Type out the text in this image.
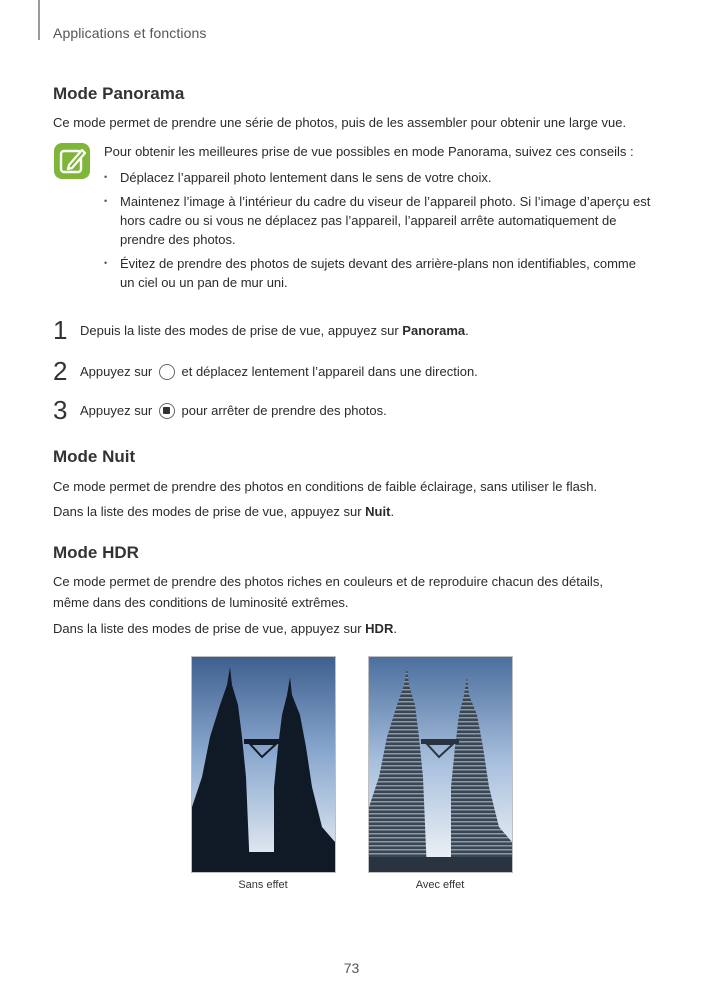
Applications et fonctions
Mode Panorama
Ce mode permet de prendre une série de photos, puis de les assembler pour obtenir une large vue.
Pour obtenir les meilleures prise de vue possibles en mode Panorama, suivez ces conseils :
• Déplacez l’appareil photo lentement dans le sens de votre choix.
• Maintenez l’image à l’intérieur du cadre du viseur de l’appareil photo. Si l’image d’aperçu est hors cadre ou si vous ne déplacez pas l’appareil, l’appareil arrête automatiquement de prendre des photos.
• Évitez de prendre des photos de sujets devant des arrière-plans non identifiables, comme un ciel ou un pan de mur uni.
1 Depuis la liste des modes de prise de vue, appuyez sur Panorama.
2 Appuyez sur  et déplacez lentement l’appareil dans une direction.
3 Appuyez sur  pour arrêter de prendre des photos.
Mode Nuit
Ce mode permet de prendre des photos en conditions de faible éclairage, sans utiliser le flash.
Dans la liste des modes de prise de vue, appuyez sur Nuit.
Mode HDR
Ce mode permet de prendre des photos riches en couleurs et de reproduire chacun des détails,
même dans des conditions de luminosité extrêmes.
Dans la liste des modes de prise de vue, appuyez sur HDR.
Sans effet	Avec effet
73
